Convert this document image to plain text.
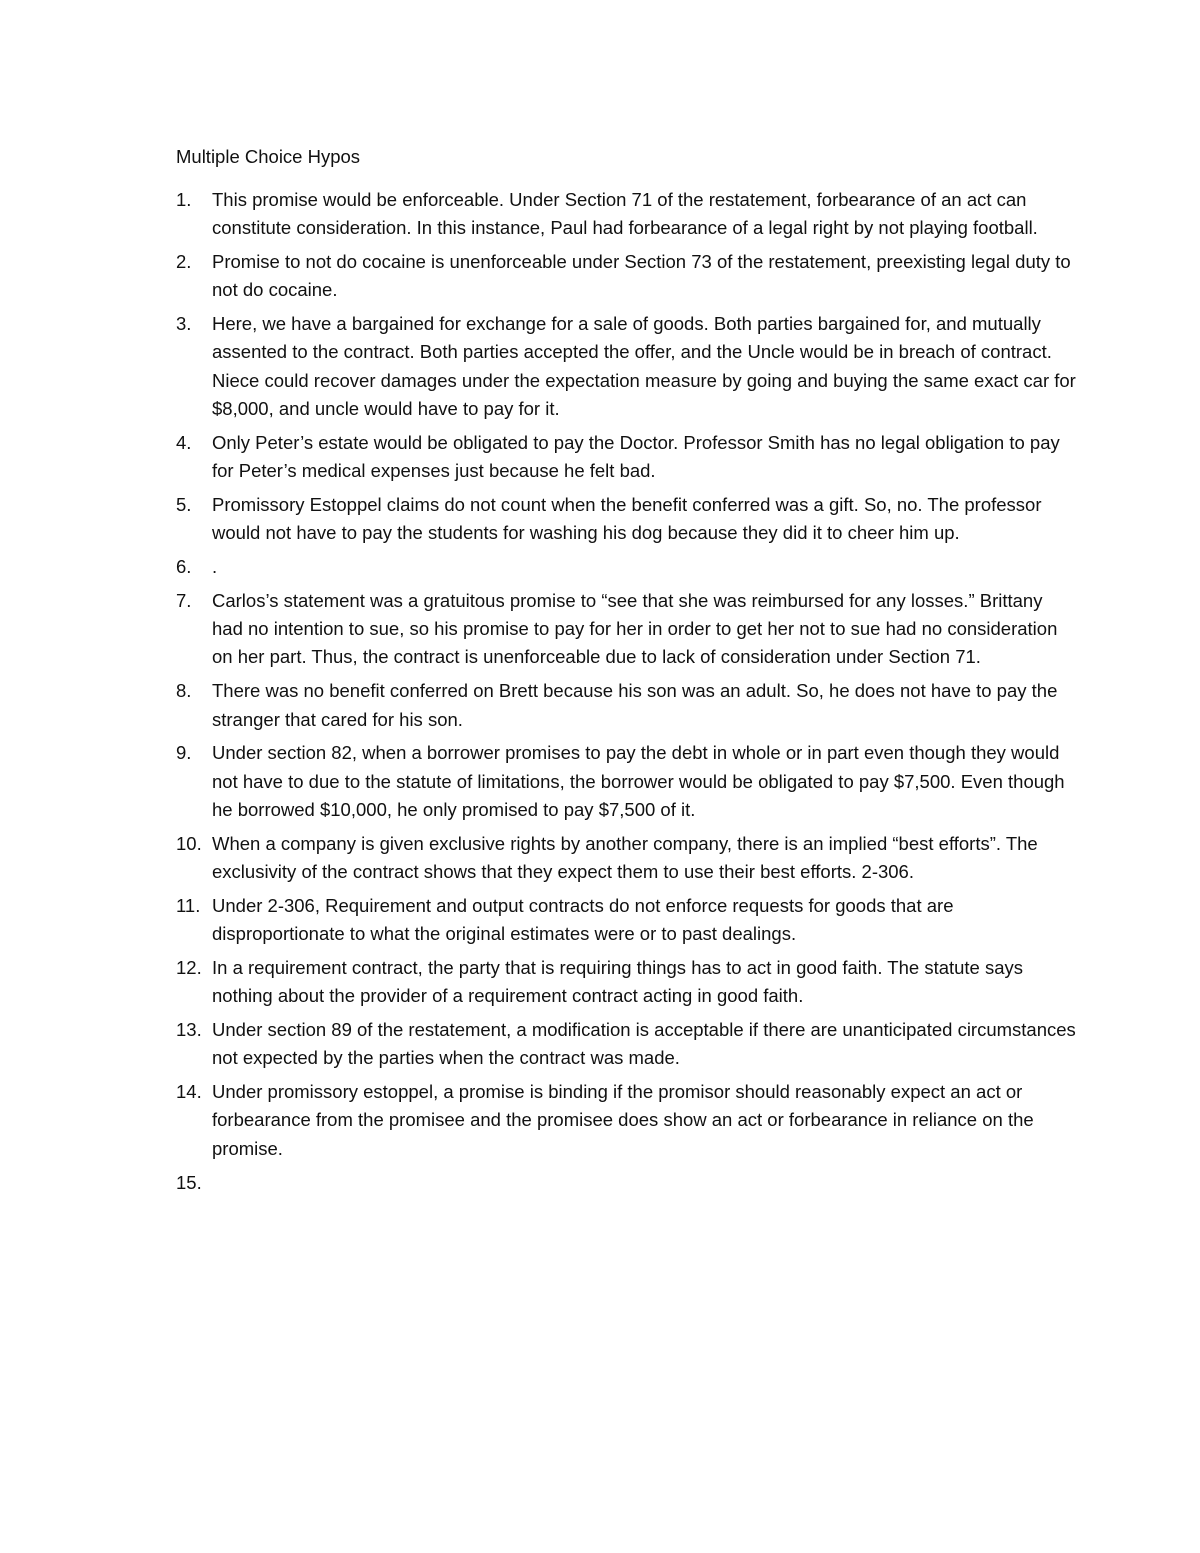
Multiple Choice Hypos
1. This promise would be enforceable. Under Section 71 of the restatement, forbearance of an act can constitute consideration. In this instance, Paul had forbearance of a legal right by not playing football.
2. Promise to not do cocaine is unenforceable under Section 73 of the restatement, preexisting legal duty to not do cocaine.
3. Here, we have a bargained for exchange for a sale of goods. Both parties bargained for, and mutually assented to the contract. Both parties accepted the offer, and the Uncle would be in breach of contract. Niece could recover damages under the expectation measure by going and buying the same exact car for $8,000, and uncle would have to pay for it.
4. Only Peter’s estate would be obligated to pay the Doctor. Professor Smith has no legal obligation to pay for Peter’s medical expenses just because he felt bad.
5. Promissory Estoppel claims do not count when the benefit conferred was a gift. So, no. The professor would not have to pay the students for washing his dog because they did it to cheer him up.
6. .
7. Carlos’s statement was a gratuitous promise to “see that she was reimbursed for any losses.” Brittany had no intention to sue, so his promise to pay for her in order to get her not to sue had no consideration on her part. Thus, the contract is unenforceable due to lack of consideration under Section 71.
8. There was no benefit conferred on Brett because his son was an adult. So, he does not have to pay the stranger that cared for his son.
9. Under section 82, when a borrower promises to pay the debt in whole or in part even though they would not have to due to the statute of limitations, the borrower would be obligated to pay $7,500. Even though he borrowed $10,000, he only promised to pay $7,500 of it.
10. When a company is given exclusive rights by another company, there is an implied “best efforts”. The exclusivity of the contract shows that they expect them to use their best efforts. 2-306.
11. Under 2-306, Requirement and output contracts do not enforce requests for goods that are disproportionate to what the original estimates were or to past dealings.
12. In a requirement contract, the party that is requiring things has to act in good faith. The statute says nothing about the provider of a requirement contract acting in good faith.
13. Under section 89 of the restatement, a modification is acceptable if there are unanticipated circumstances not expected by the parties when the contract was made.
14. Under promissory estoppel, a promise is binding if the promisor should reasonably expect an act or forbearance from the promisee and the promisee does show an act or forbearance in reliance on the promise.
15.
